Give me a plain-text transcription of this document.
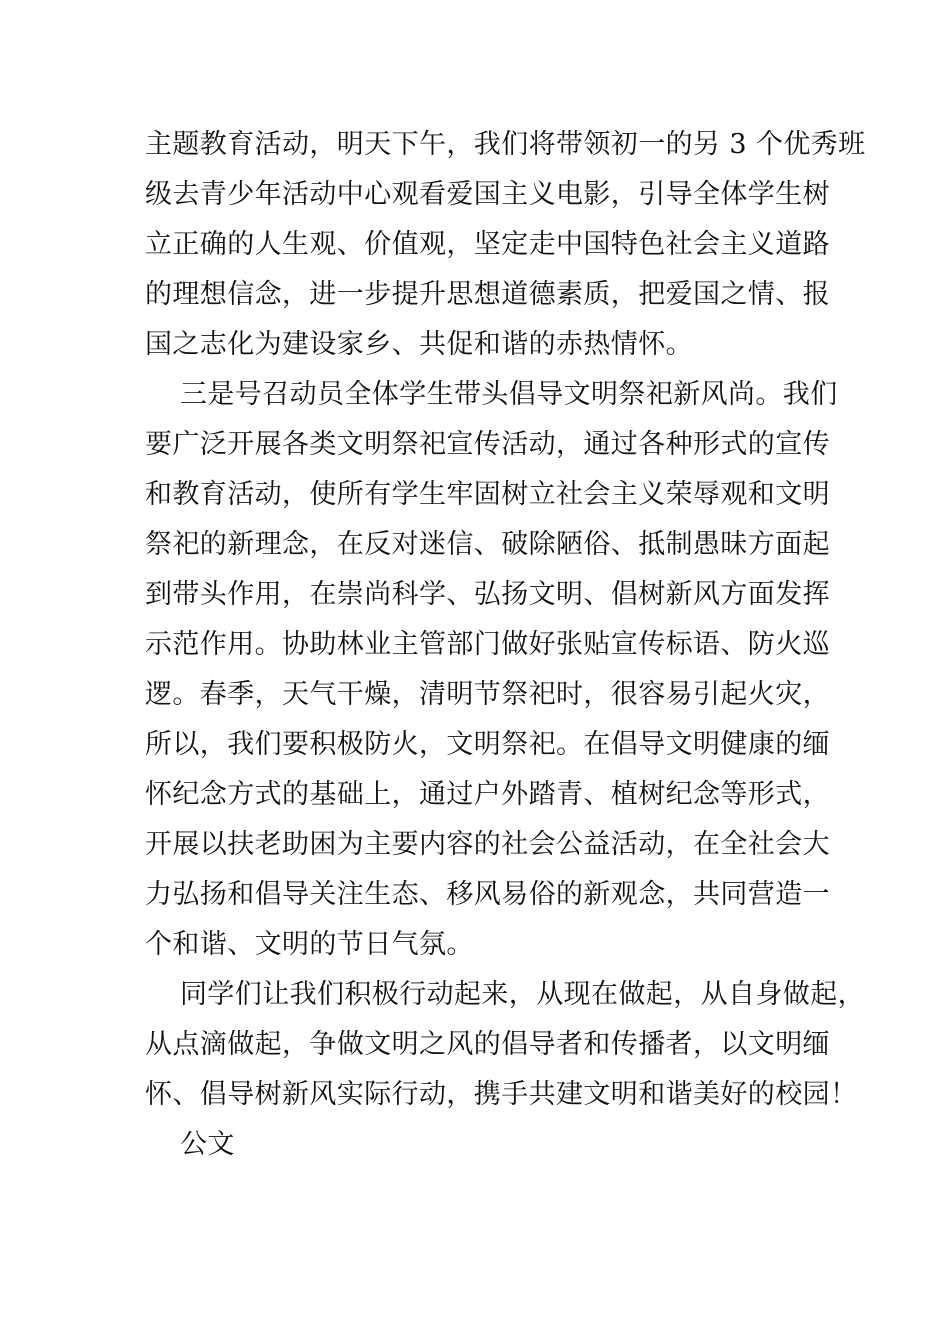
主题教育活动，明天下午，我们将带领初一的另 3 个优秀班
级去青少年活动中心观看爱国主义电影，引导全体学生树
立正确的人生观、价值观，坚定走中国特色社会主义道路
的理想信念，进一步提升思想道德素质，把爱国之情、报
国之志化为建设家乡、共促和谐的赤热情怀。
三是号召动员全体学生带头倡导文明祭祀新风尚。我们
要广泛开展各类文明祭祀宣传活动，通过各种形式的宣传
和教育活动，使所有学生牢固树立社会主义荣辱观和文明
祭祀的新理念，在反对迷信、破除陋俗、抵制愚昧方面起
到带头作用，在崇尚科学、弘扬文明、倡树新风方面发挥
示范作用。协助林业主管部门做好张贴宣传标语、防火巡
逻。春季，天气干燥，清明节祭祀时，很容易引起火灾，
所以，我们要积极防火，文明祭祀。在倡导文明健康的缅
怀纪念方式的基础上，通过户外踏青、植树纪念等形式，
开展以扶老助困为主要内容的社会公益活动，在全社会大
力弘扬和倡导关注生态、移风易俗的新观念，共同营造一
个和谐、文明的节日气氛。
同学们让我们积极行动起来，从现在做起，从自身做起，
从点滴做起，争做文明之风的倡导者和传播者，以文明缅
怀、倡导树新风实际行动，携手共建文明和谐美好的校园！
公文
